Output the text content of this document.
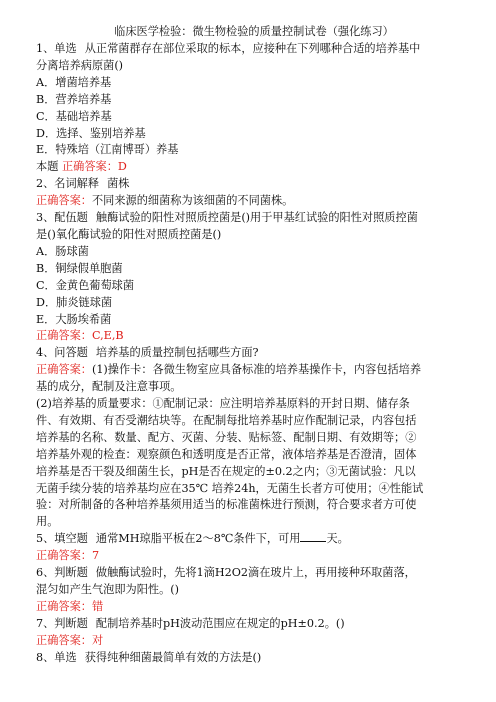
临床医学检验：微生物检验的质量控制试卷（强化练习）
1、单选 从正常菌群存在部位采取的标本，应接种在下列哪种合适的培养基中
分离培养病原菌()
A．增菌培养基
B．营养培养基
C．基础培养基
D．选择、鉴别培养基
E．特殊培（江南博哥）养基
本题 正确答案：D
2、名词解释 菌株
正确答案：不同来源的细菌称为该细菌的不同菌株。
3、配伍题 触酶试验的阳性对照质控菌是()用于甲基红试验的阳性对照质控菌
是()氧化酶试验的阳性对照质控菌是()
A．肠球菌
B．铜绿假单胞菌
C．金黄色葡萄球菌
D．肺炎链球菌
E．大肠埃希菌
正确答案：C,E,B
4、问答题 培养基的质量控制包括哪些方面?
正确答案：(1)操作卡：各微生物室应具备标准的培养基操作卡，内容包括培养
基的成分，配制及注意事项。
(2)培养基的质量要求：①配制记录：应注明培养基原料的开封日期、储存条
件、有效期、有否受潮结块等。在配制每批培养基时应作配制记录，内容包括
培养基的名称、数量、配方、灭菌、分装、贴标签、配制日期、有效期等；②
培养基外观的检查：观察颜色和透明度是否正常，液体培养基是否澄清，固体
培养基是否干裂及细菌生长，pH是否在规定的±0.2之内；③无菌试验：凡以
无菌手续分装的培养基均应在35℃ 培养24h，无菌生长者方可使用；④性能试
验：对所制备的各种培养基须用适当的标准菌株进行预测，符合要求者方可使
用。
5、填空题 通常MH琼脂平板在2～8℃条件下，可用 天。
正确答案：7
6、判断题 做触酶试验时，先将1滴H2O2滴在玻片上，再用接种环取菌落，
混匀如产生气泡即为阳性。()
正确答案：错
7、判断题 配制培养基时pH波动范围应在规定的pH±0.2。()
正确答案：对
8、单选 获得纯种细菌最简单有效的方法是()
